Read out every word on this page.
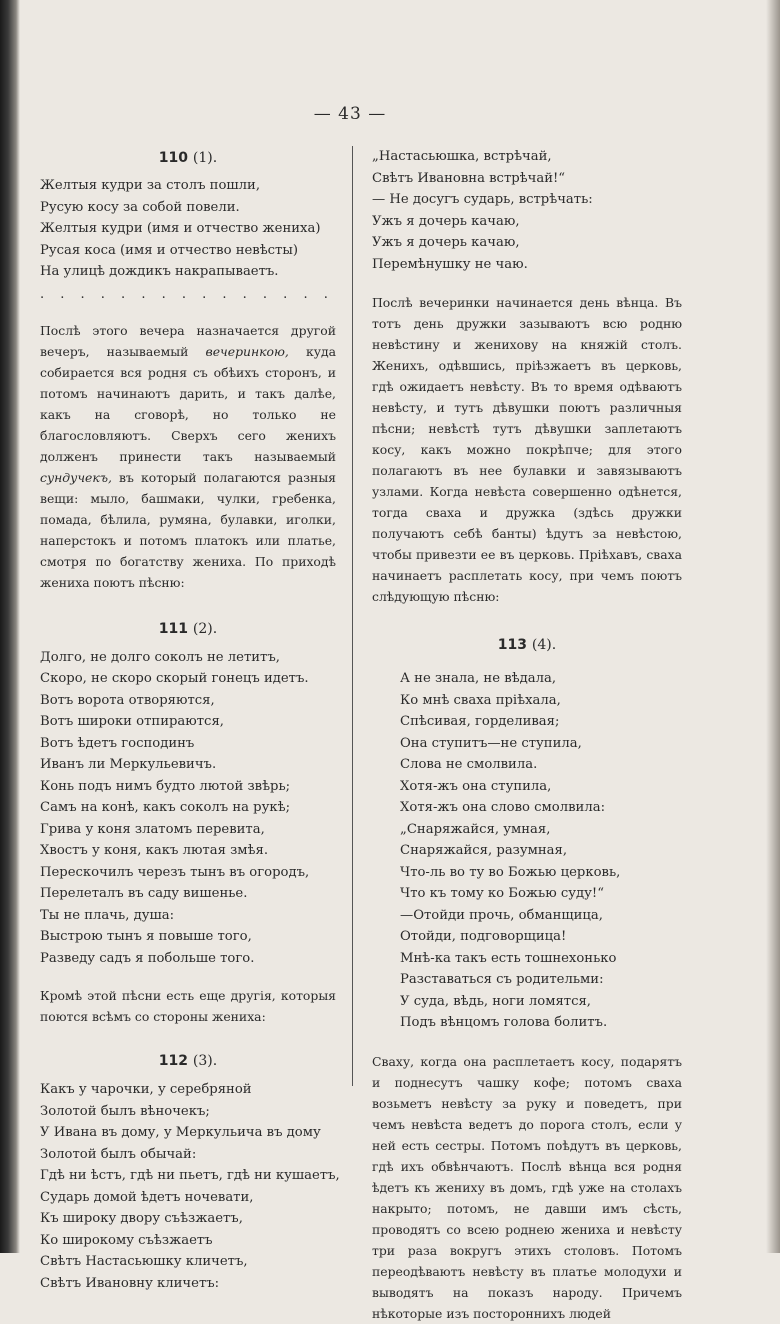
— 43 —

110 (1).

Желтыя кудри за столъ пошли,
Русую косу за собой повели.
Желтыя кудри (имя и отчество жениха)
Русая коса (имя и отчество невѣсты)
На улицѣ дождикъ накрапываетъ.
. . . . . . . . . . . . . . .

Послѣ этого вечера назначается другой вечеръ, называемый вечеринкою, куда собирается вся родня съ обѣихъ сторонъ, и потомъ начинаютъ дарить, и такъ далѣе, какъ на сговорѣ, но только не благословляютъ. Сверхъ сего женихъ долженъ принести такъ называемый сундучекъ, въ который полагаются разныя вещи: мыло, башмаки, чулки, гребенка, помада, бѣлила, румяна, булавки, иголки, наперстокъ и потомъ платокъ или платье, смотря по богатству жениха. По приходѣ жениха поютъ пѣсню:

111 (2).

Долго, не долго соколъ не летитъ,
Скоро, не скоро скорый гонецъ идетъ.
Вотъ ворота отворяются,
Вотъ широки отпираются,
Вотъ ѣдетъ господинъ
Иванъ ли Меркульевичъ.
Конь подъ нимъ будто лютой звѣрь;
Самъ на конѣ, какъ соколъ на рукѣ;
Грива у коня златомъ перевита,
Хвостъ у коня, какъ лютая змѣя.
Перескочилъ черезъ тынъ въ огородъ,
Перелеталъ въ саду вишенье.
Ты не плачь, душа:
Выстрою тынъ я повыше того,
Разведу садъ я побольше того.

Кромѣ этой пѣсни есть еще другія, которыя поются всѣмъ со стороны жениха:

112 (3).

Какъ у чарочки, у серебряной
Золотой былъ вѣночекъ;
У Ивана въ дому, у Меркульича въ дому
Золотой былъ обычай:
Гдѣ ни ѣстъ, гдѣ ни пьетъ, гдѣ ни кушаетъ,
Сударь домой ѣдетъ ночевати,
Къ широку двору съѣзжаетъ,
Ко широкому съѣзжаетъ
Свѣтъ Настасьюшку кличетъ,
Свѣтъ Ивановну кличетъ:
„Настасьюшка, встрѣчай,
Свѣтъ Ивановна встрѣчай!“
— Не досугъ сударь, встрѣчать:
Ужъ я дочерь качаю,
Ужъ я дочерь качаю,
Перемѣнушку не чаю.

Послѣ вечеринки начинается день вѣнца. Въ тотъ день дружки зазываютъ всю родню невѣстину и женихову на княжій столъ. Женихъ, одѣвшись, пріѣзжаетъ въ церковь, гдѣ ожидаетъ невѣсту. Въ то время одѣваютъ невѣсту, и тутъ дѣвушки поютъ различныя пѣсни; невѣстѣ тутъ дѣвушки заплетаютъ косу, какъ можно покрѣпче; для этого полагаютъ въ нее булавки и завязываютъ узлами. Когда невѣста совершенно одѣнется, тогда сваха и дружка (здѣсь дружки получаютъ себѣ банты) ѣдутъ за невѣстою, чтобы привезти ее въ церковь. Пріѣхавъ, сваха начинаетъ расплетать косу, при чемъ поютъ слѣдующую пѣсню:

113 (4).

А не знала, не вѣдала,
Ко мнѣ сваха пріѣхала,
Спѣсивая, горделивая;
Она ступитъ—не ступила,
Слова не смолвила.
Хотя-жъ она ступила,
Хотя-жъ она слово смолвила:
„Снаряжайся, умная,
Снаряжайся, разумная,
Что-ль во ту во Божью церковь,
Что къ тому ко Божью суду!“
—Отойди прочь, обманщица,
Отойди, подговорщица!
Мнѣ-ка такъ есть тошнехонько
Разставаться съ родительми:
У суда, вѣдь, ноги ломятся,
Подъ вѣнцомъ голова болитъ.

Сваху, когда она расплетаетъ косу, подарятъ и поднесутъ чашку кофе; потомъ сваха возьметъ невѣсту за руку и поведетъ, при чемъ невѣста ведетъ до порога столъ, если у ней есть сестры. Потомъ поѣдутъ въ церковь, гдѣ ихъ обвѣнчаютъ. Послѣ вѣнца вся родня ѣдетъ къ жениху въ домъ, гдѣ уже на столахъ накрыто; потомъ, не давши имъ сѣсть, проводятъ со всею роднею жениха и невѣсту три раза вокругъ этихъ столовъ. Потомъ переодѣваютъ невѣсту въ платье молодухи и выводятъ на показъ народу. Причемъ нѣкоторые изъ постороннихъ людей
